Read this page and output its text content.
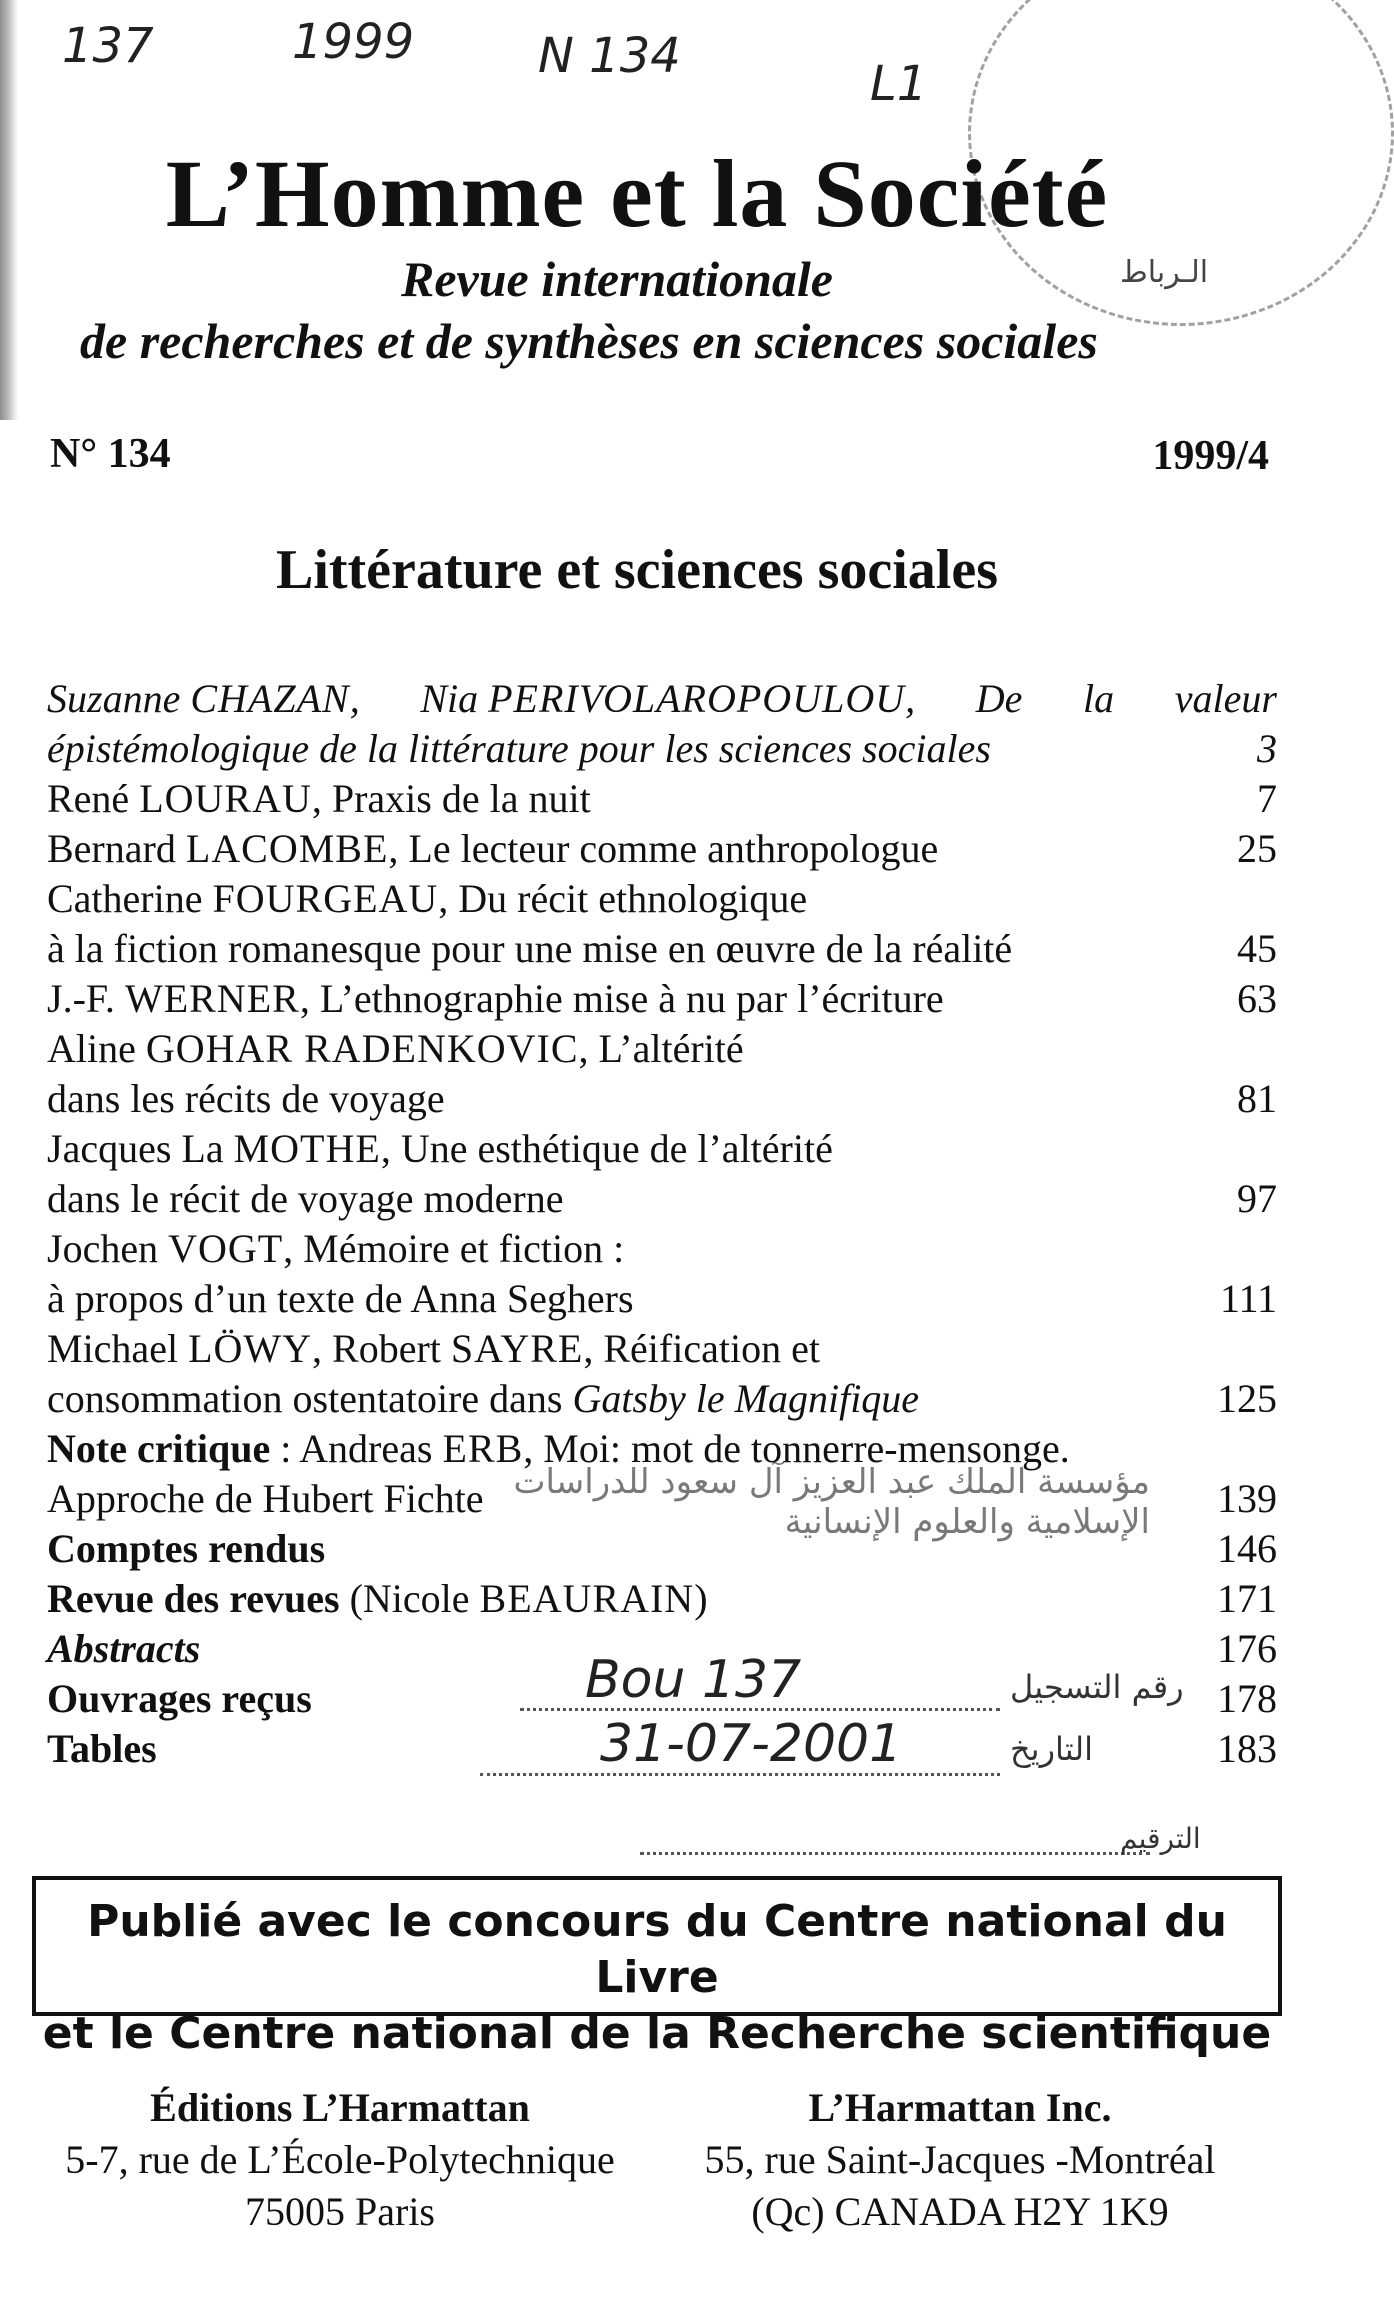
الـرباط
137	1999	N 134	L1
L’Homme et la Société
Revue internationale
de recherches et de synthèses en sciences sociales
N° 134	1999/4
Littérature et sciences sociales
Suzanne CHAZAN, Nia PERIVOLAROPOULOU, De la valeur
épistémologique de la littérature pour les sciences sociales	3
René LOURAU, Praxis de la nuit	7
Bernard LACOMBE, Le lecteur comme anthropologue	25
Catherine FOURGEAU, Du récit ethnologique
à la fiction romanesque pour une mise en œuvre de la réalité	45
J.-F. WERNER, L’ethnographie mise à nu par l’écriture	63
Aline GOHAR RADENKOVIC, L’altérité
dans les récits de voyage	81
Jacques La MOTHE, Une esthétique de l’altérité
dans le récit de voyage moderne	97
Jochen VOGT, Mémoire et fiction :
à propos d’un texte de Anna Seghers	111
Michael LÖWY, Robert SAYRE, Réification et
consommation ostentatoire dans Gatsby le Magnifique	125
Note critique : Andreas ERB, Moi: mot de tonnerre-mensonge.
Approche de Hubert Fichte	139
Comptes rendus	146
Revue des revues (Nicole BEAURAIN)	171
Abstracts	176
Ouvrages reçus	178
Tables	183
مؤسسة الملك عبد العزيز آل سعود للدراسات الإسلامية والعلوم الإنسانية
Bou 137	رقم التسجيل
31-07-2001	التاريخ
الترقيم
Publié avec le concours du Centre national du Livre
et le Centre national de la Recherche scientifique
Éditions L’Harmattan
5-7, rue de L’École-Polytechnique
75005 Paris
L’Harmattan Inc.
55, rue Saint-Jacques -Montréal
(Qc) CANADA H2Y 1K9
